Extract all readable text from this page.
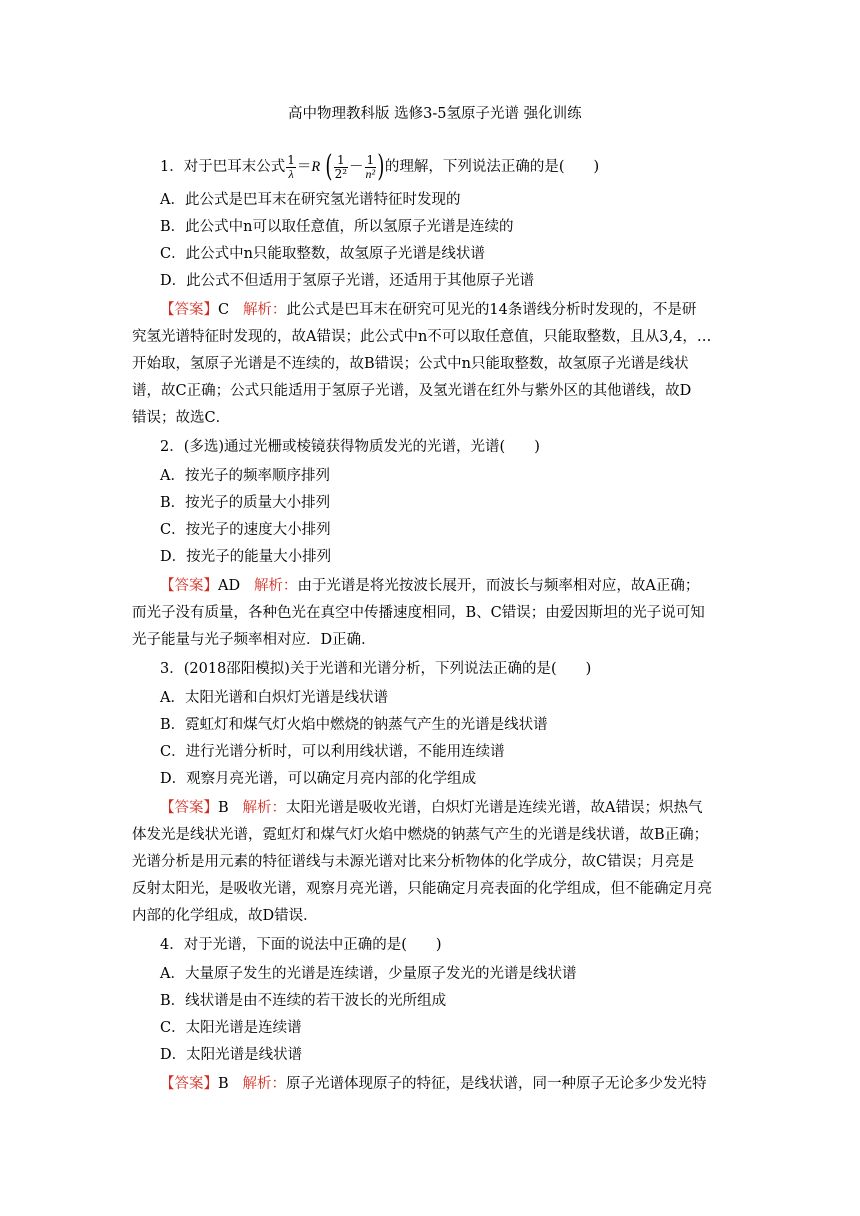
高中物理教科版 选修3-5氢原子光谱 强化训练
1．对于巴耳末公式 $\frac{1}{\lambda} =R$ ( $\frac{1}{\text{2²}} - \frac{1}{\text{n²}}$ )的理解，下列说法正确的是(　　)
A．此公式是巴耳末在研究氢光谱特征时发现的
B．此公式中n可以取任意值，所以氢原子光谱是连续的
C．此公式中n只能取整数，故氢原子光谱是线状谱
D．此公式不但适用于氢原子光谱，还适用于其他原子光谱
【答案】C 解析：此公式是巴耳末在研究可见光的14条谱线分析时发现的，不是研
究氢光谱特征时发现的，故A错误；此公式中n不可以取任意值，只能取整数，且从3,4，…
开始取，氢原子光谱是不连续的，故B错误；公式中n只能取整数，故氢原子光谱是线状
谱，故C正确；公式只能适用于氢原子光谱，及氢光谱在红外与紫外区的其他谱线，故D
错误；故选C．
2．(多选)通过光栅或棱镜获得物质发光的光谱，光谱(　　)
A．按光子的频率顺序排列
B．按光子的质量大小排列
C．按光子的速度大小排列
D．按光子的能量大小排列
【答案】AD 解析：由于光谱是将光按波长展开，而波长与频率相对应，故A正确；
而光子没有质量，各种色光在真空中传播速度相同，B、C错误；由爱因斯坦的光子说可知
光子能量与光子频率相对应．D正确．
3．(2018邵阳模拟)关于光谱和光谱分析，下列说法正确的是(　　)
A．太阳光谱和白炽灯光谱是线状谱
B．霓虹灯和煤气灯火焰中燃烧的钠蒸气产生的光谱是线状谱
C．进行光谱分析时，可以利用线状谱，不能用连续谱
D．观察月亮光谱，可以确定月亮内部的化学组成
【答案】B 解析：太阳光谱是吸收光谱，白炽灯光谱是连续光谱，故A错误；炽热气
体发光是线状光谱，霓虹灯和煤气灯火焰中燃烧的钠蒸气产生的光谱是线状谱，故B正确；
光谱分析是用元素的特征谱线与未源光谱对比来分析物体的化学成分，故C错误；月亮是
反射太阳光，是吸收光谱，观察月亮光谱，只能确定月亮表面的化学组成，但不能确定月亮
内部的化学组成，故D错误．
4．对于光谱，下面的说法中正确的是(　　)
A．大量原子发生的光谱是连续谱，少量原子发光的光谱是线状谱
B．线状谱是由不连续的若干波长的光所组成
C．太阳光谱是连续谱
D．太阳光谱是线状谱
【答案】B 解析：原子光谱体现原子的特征，是线状谱，同一种原子无论多少发光特
